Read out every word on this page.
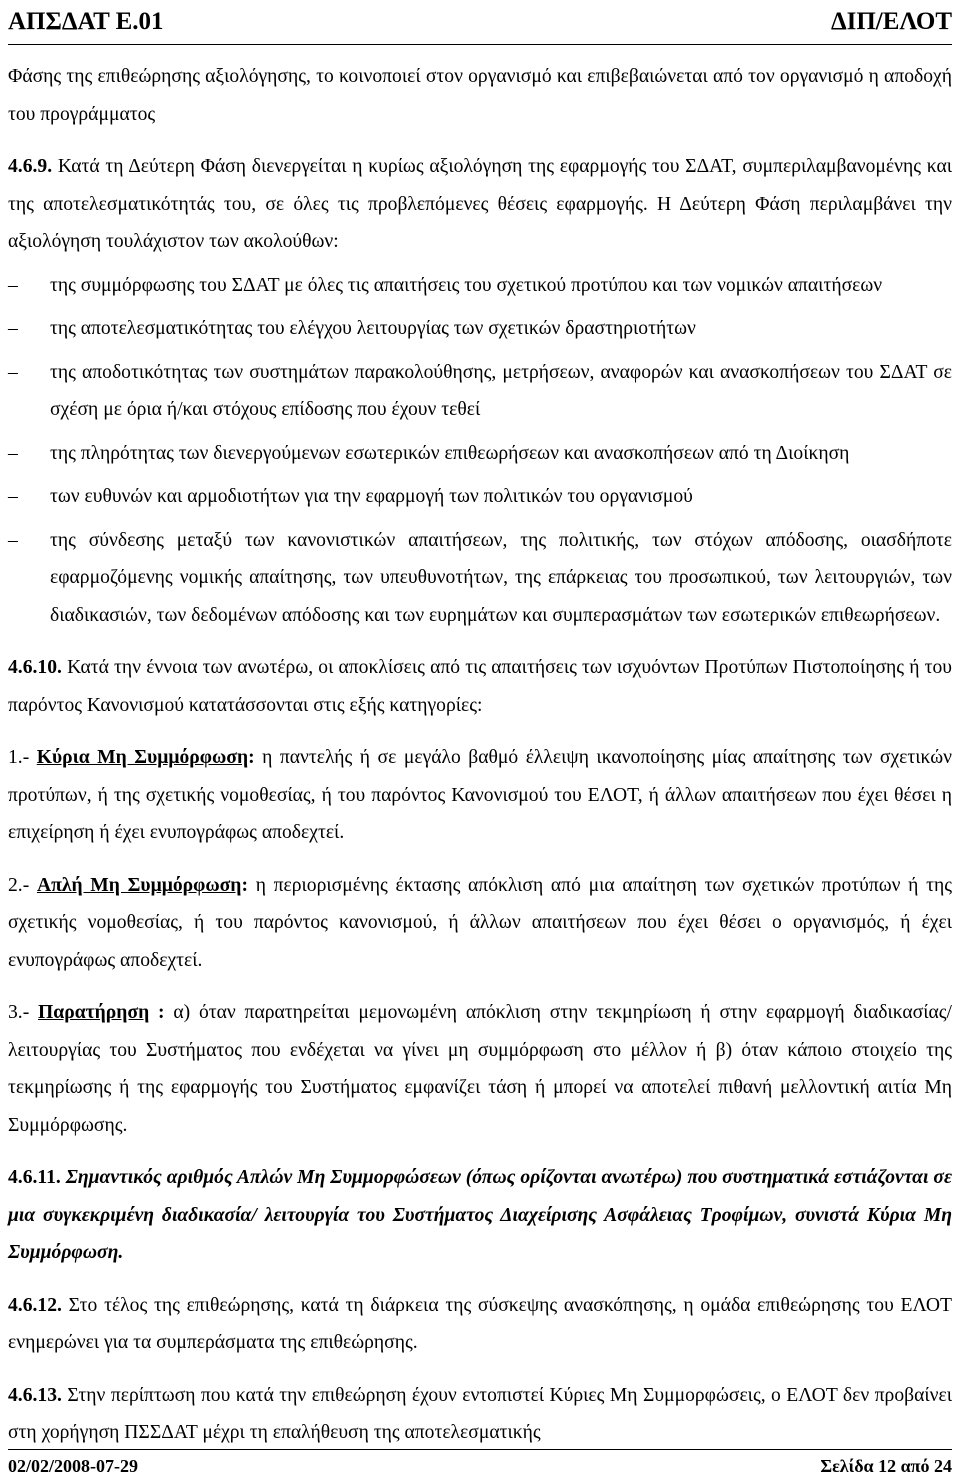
ΑΠΣΔΑΤ Ε.01	ΔΙΠ/ΕΛΟΤ

Φάσης της επιθεώρησης αξιολόγησης, το κοινοποιεί στον οργανισμό και επιβεβαιώνεται από τον οργανισμό η αποδοχή του προγράμματος

4.6.9. Κατά τη Δεύτερη Φάση διενεργείται η κυρίως αξιολόγηση της εφαρμογής του ΣΔΑΤ, συμπεριλαμβανομένης και της αποτελεσματικότητάς του, σε όλες τις προβλεπόμενες θέσεις εφαρμογής. Η Δεύτερη Φάση περιλαμβάνει την αξιολόγηση τουλάχιστον των ακολούθων:

–	της συμμόρφωσης του ΣΔΑΤ με όλες τις απαιτήσεις του σχετικού προτύπου και των νομικών απαιτήσεων
–	της αποτελεσματικότητας του ελέγχου λειτουργίας των σχετικών δραστηριοτήτων
–	της αποδοτικότητας των συστημάτων παρακολούθησης, μετρήσεων, αναφορών και ανασκοπήσεων του ΣΔΑΤ σε σχέση με όρια ή/και στόχους επίδοσης που έχουν τεθεί
–	της πληρότητας των διενεργούμενων εσωτερικών επιθεωρήσεων και ανασκοπήσεων από τη Διοίκηση
–	των ευθυνών και αρμοδιοτήτων για την εφαρμογή των πολιτικών του οργανισμού
–	της σύνδεσης μεταξύ των κανονιστικών απαιτήσεων, της πολιτικής, των στόχων απόδοσης, οιασδήποτε εφαρμοζόμενης νομικής απαίτησης, των υπευθυνοτήτων, της επάρκειας του προσωπικού, των λειτουργιών, των διαδικασιών, των δεδομένων απόδοσης και των ευρημάτων και συμπερασμάτων των εσωτερικών επιθεωρήσεων.

4.6.10. Κατά την έννοια των ανωτέρω, οι αποκλίσεις από τις απαιτήσεις των ισχυόντων Προτύπων Πιστοποίησης ή του παρόντος Κανονισμού κατατάσσονται στις εξής κατηγορίες:

1.- Κύρια Μη Συμμόρφωση: η παντελής ή σε μεγάλο βαθμό έλλειψη ικανοποίησης μίας απαίτησης των σχετικών προτύπων, ή της σχετικής νομοθεσίας, ή του παρόντος Κανονισμού του ΕΛΟΤ, ή άλλων απαιτήσεων που έχει θέσει η επιχείρηση ή έχει ενυπογράφως αποδεχτεί.

2.- Απλή Μη Συμμόρφωση: η περιορισμένης έκτασης απόκλιση από μια απαίτηση των σχετικών προτύπων ή της σχετικής νομοθεσίας, ή του παρόντος κανονισμού, ή άλλων απαιτήσεων που έχει θέσει ο οργανισμός, ή έχει ενυπογράφως αποδεχτεί.

3.- Παρατήρηση : α) όταν παρατηρείται μεμονωμένη απόκλιση στην τεκμηρίωση ή στην εφαρμογή διαδικασίας/ λειτουργίας του Συστήματος που ενδέχεται να γίνει μη συμμόρφωση στο μέλλον ή β) όταν κάποιο στοιχείο της τεκμηρίωσης ή της εφαρμογής του Συστήματος εμφανίζει τάση ή μπορεί να αποτελεί πιθανή μελλοντική αιτία Μη Συμμόρφωσης.

4.6.11. Σημαντικός αριθμός Απλών Μη Συμμορφώσεων (όπως ορίζονται ανωτέρω) που συστηματικά εστιάζονται σε μια συγκεκριμένη διαδικασία/ λειτουργία του Συστήματος Διαχείρισης Ασφάλειας Τροφίμων, συνιστά Κύρια Μη Συμμόρφωση.

4.6.12. Στο τέλος της επιθεώρησης, κατά τη διάρκεια της σύσκεψης ανασκόπησης, η ομάδα επιθεώρησης του ΕΛΟΤ ενημερώνει για τα συμπεράσματα της επιθεώρησης.

4.6.13. Στην περίπτωση που κατά την επιθεώρηση έχουν εντοπιστεί Κύριες Μη Συμμορφώσεις, ο ΕΛΟΤ δεν προβαίνει στη χορήγηση ΠΣΣΔΑΤ μέχρι τη επαλήθευση της αποτελεσματικής

02/02/2008-07-29	Σελίδα 12 από 24
